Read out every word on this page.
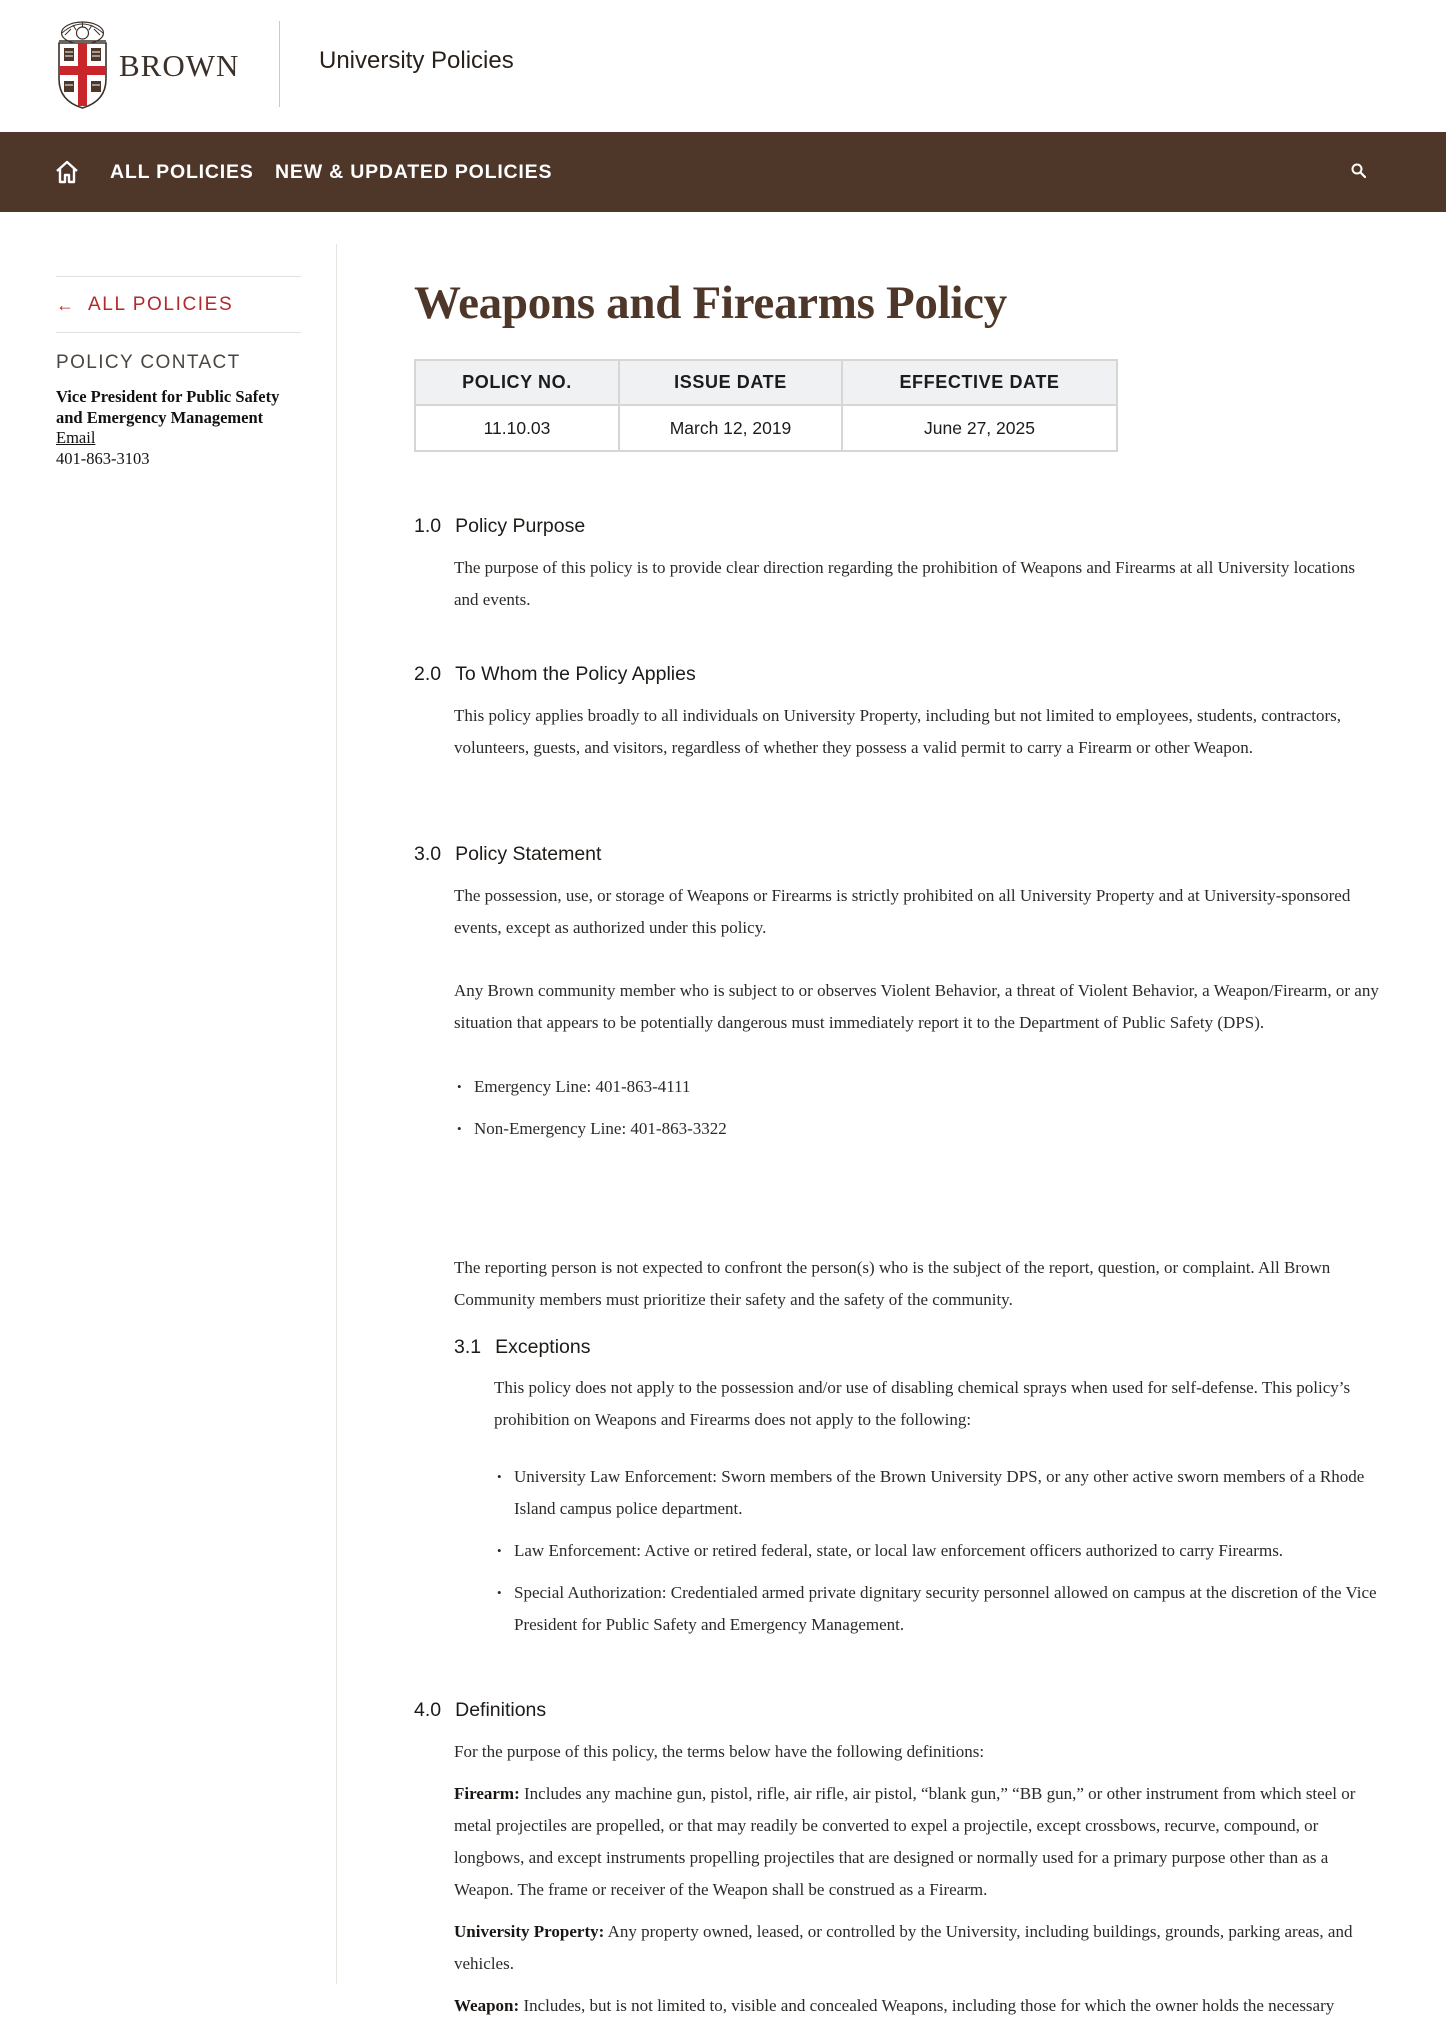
BROWN	University Policies
ALL POLICIES NEW & UPDATED POLICIES
← ALL POLICIES
POLICY CONTACT
Vice President for Public Safety and Emergency Management
Email
401-863-3103
Weapons and Firearms Policy
POLICY NO.	ISSUE DATE	EFFECTIVE DATE
11.10.03	March 12, 2019	June 27, 2025
1.0 Policy Purpose

The purpose of this policy is to provide clear direction regarding the prohibition of Weapons and Firearms at all University locations and events.

2.0 To Whom the Policy Applies

This policy applies broadly to all individuals on University Property, including but not limited to employees, students, contractors, volunteers, guests, and visitors, regardless of whether they possess a valid permit to carry a Firearm or other Weapon.

3.0 Policy Statement

The possession, use, or storage of Weapons or Firearms is strictly prohibited on all University Property and at University-sponsored events, except as authorized under this policy.

Any Brown community member who is subject to or observes Violent Behavior, a threat of Violent Behavior, a Weapon/Firearm, or any situation that appears to be potentially dangerous must immediately report it to the Department of Public Safety (DPS).

• Emergency Line: 401-863-4111
• Non-Emergency Line: 401-863-3322

The reporting person is not expected to confront the person(s) who is the subject of the report, question, or complaint. All Brown Community members must prioritize their safety and the safety of the community.

3.1 Exceptions

This policy does not apply to the possession and/or use of disabling chemical sprays when used for self-defense. This policy’s prohibition on Weapons and Firearms does not apply to the following:

• University Law Enforcement: Sworn members of the Brown University DPS, or any other active sworn members of a Rhode Island campus police department.
• Law Enforcement: Active or retired federal, state, or local law enforcement officers authorized to carry Firearms.
• Special Authorization: Credentialed armed private dignitary security personnel allowed on campus at the discretion of the Vice President for Public Safety and Emergency Management.
4.0 Definitions

For the purpose of this policy, the terms below have the following definitions:

Firearm: Includes any machine gun, pistol, rifle, air rifle, air pistol, “blank gun,” “BB gun,” or other instrument from which steel or metal projectiles are propelled, or that may readily be converted to expel a projectile, except crossbows, recurve, compound, or longbows, and except instruments propelling projectiles that are designed or normally used for a primary purpose other than as a Weapon. The frame or receiver of the Weapon shall be construed as a Firearm.

University Property: Any property owned, leased, or controlled by the University, including buildings, grounds, parking areas, and vehicles.

Weapon: Includes, but is not limited to, visible and concealed Weapons, including those for which the owner holds the necessary
